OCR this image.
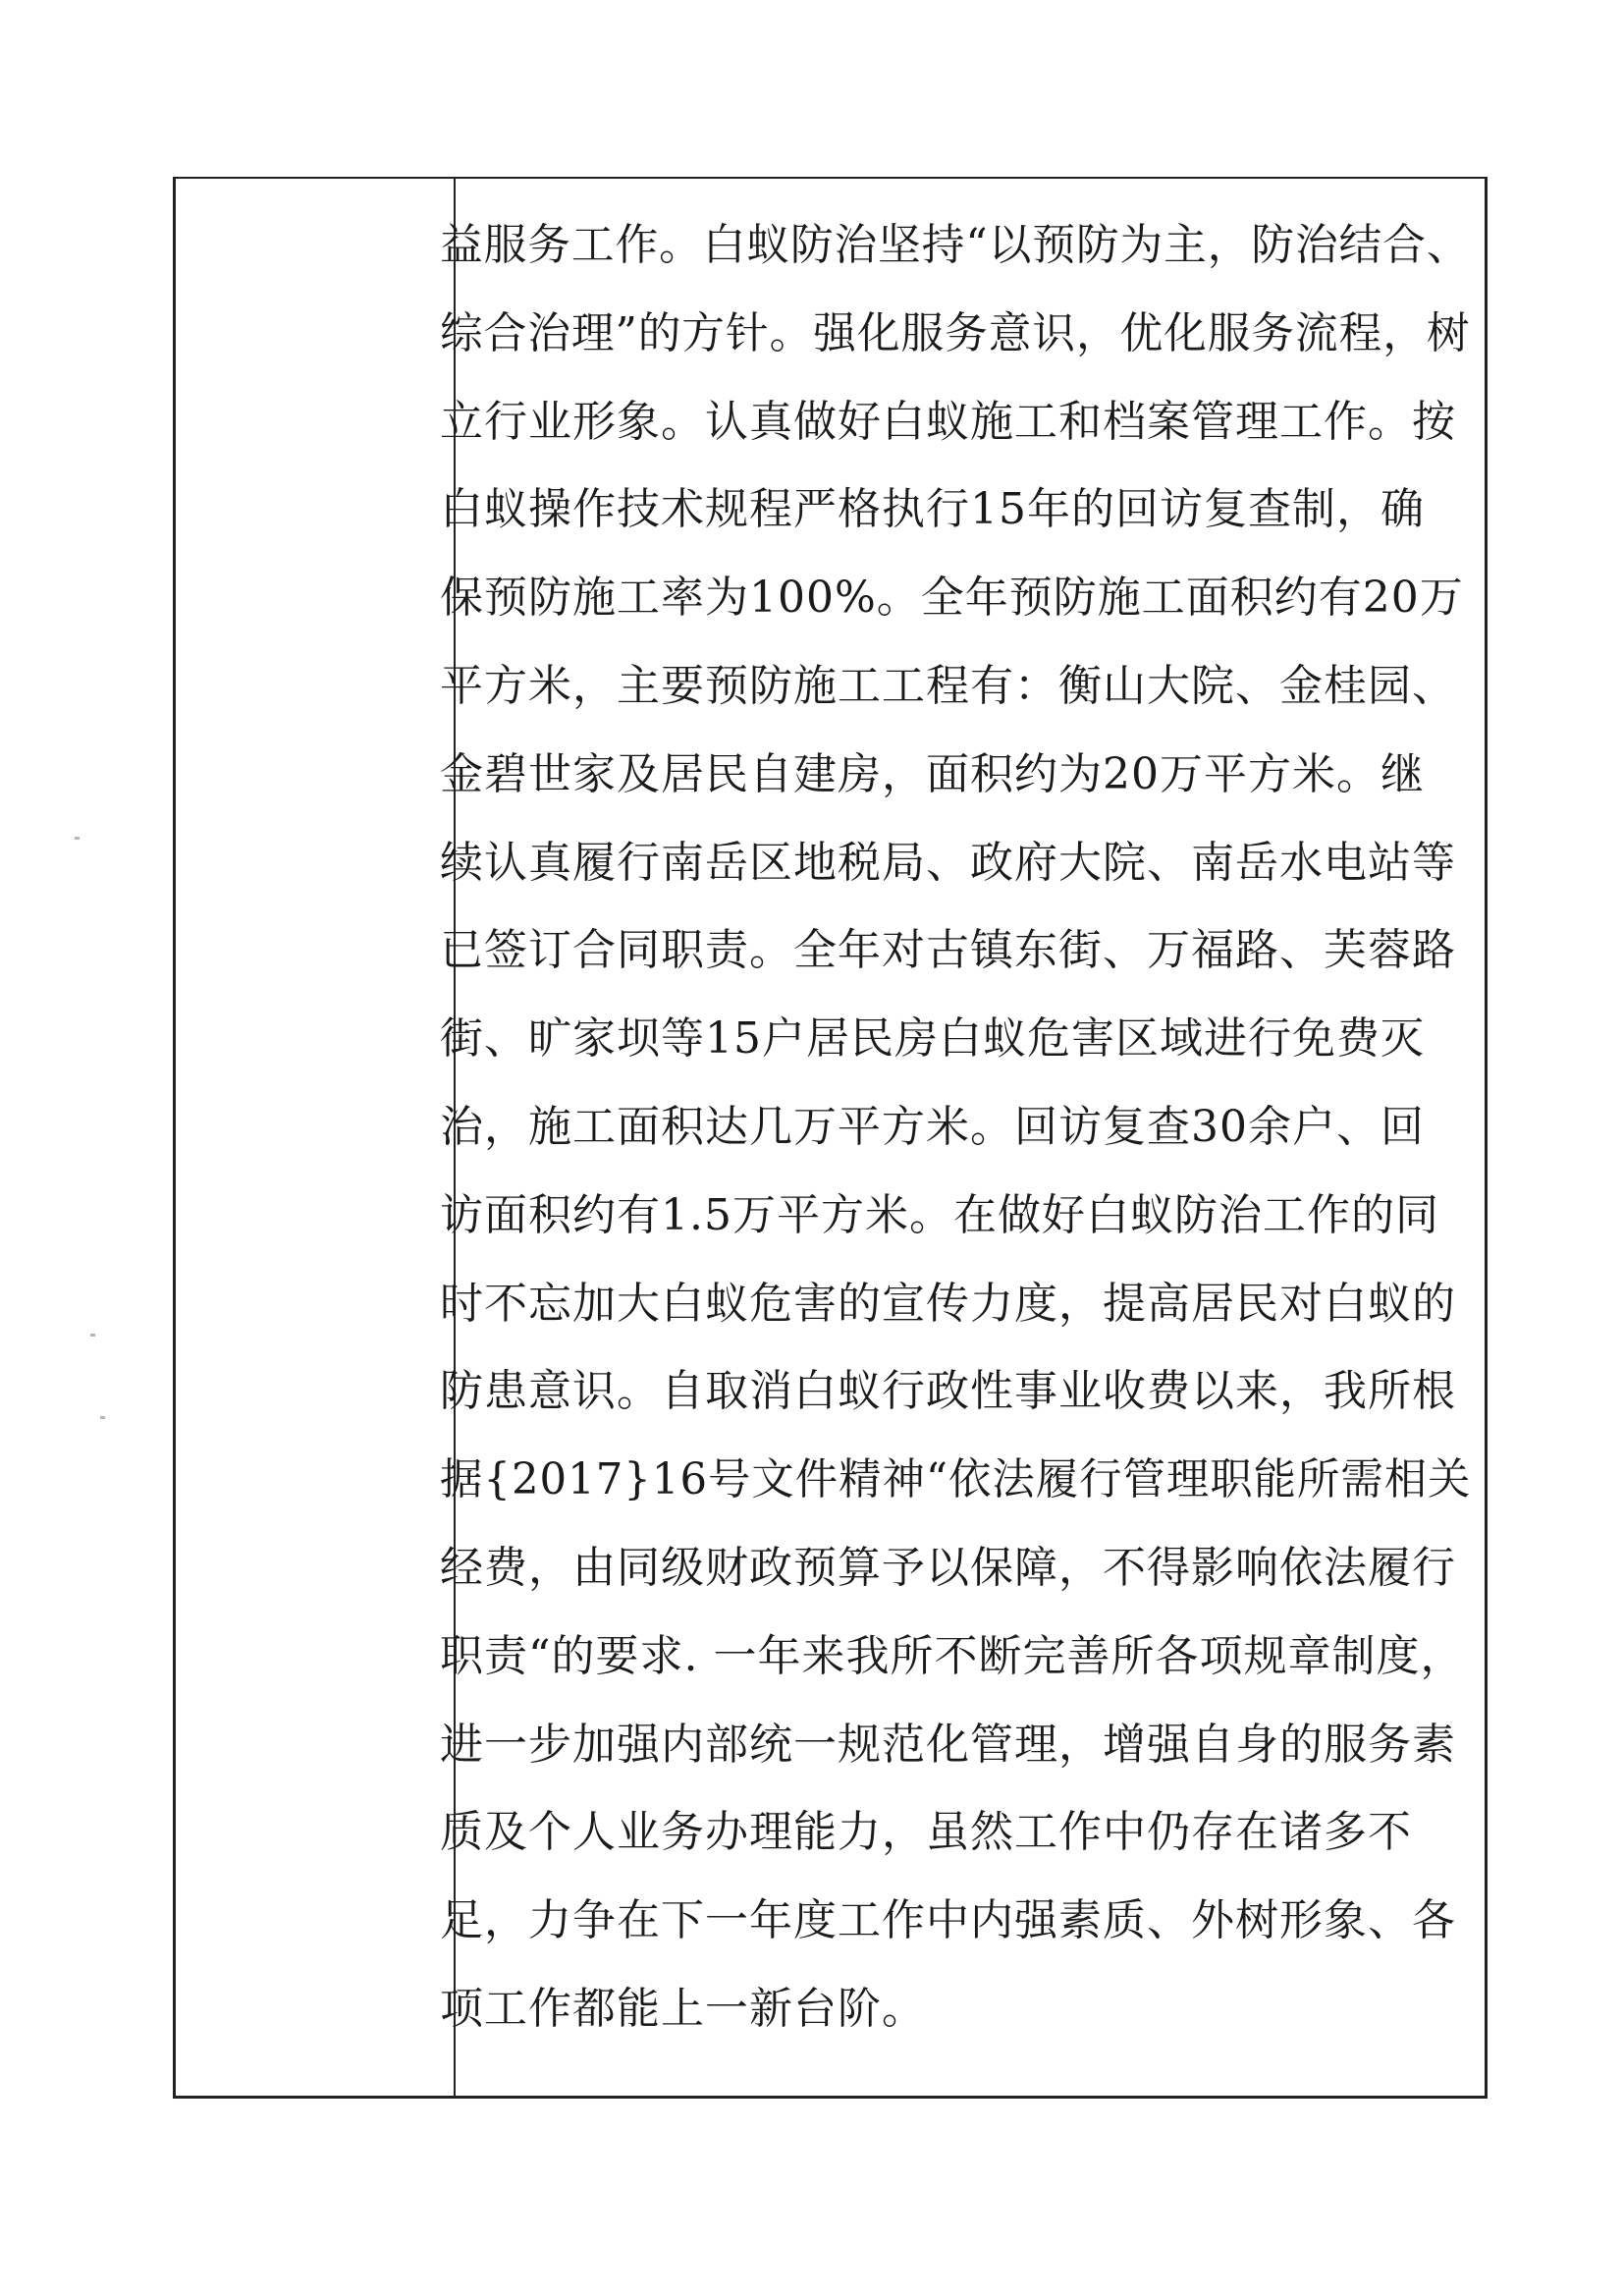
益服务工作。白蚁防治坚持“以预防为主，防治结合、
综合治理”的方针。强化服务意识，优化服务流程，树
立行业形象。认真做好白蚁施工和档案管理工作。按
白蚁操作技术规程严格执行15年的回访复查制，确
保预防施工率为100%。全年预防施工面积约有20万
平方米，主要预防施工工程有：衡山大院、金桂园、
金碧世家及居民自建房，面积约为20万平方米。继
续认真履行南岳区地税局、政府大院、南岳水电站等
已签订合同职责。全年对古镇东街、万福路、芙蓉路
街、旷家坝等15户居民房白蚁危害区域进行免费灭
治，施工面积达几万平方米。回访复查30余户、回
访面积约有1.5万平方米。在做好白蚁防治工作的同
时不忘加大白蚁危害的宣传力度，提高居民对白蚁的
防患意识。自取消白蚁行政性事业收费以来，我所根
据{2017}16号文件精神“依法履行管理职能所需相关
经费，由同级财政预算予以保障，不得影响依法履行
职责“的要求. 一年来我所不断完善所各项规章制度，
进一步加强内部统一规范化管理，增强自身的服务素
质及个人业务办理能力，虽然工作中仍存在诸多不
足，力争在下一年度工作中内强素质、外树形象、各
项工作都能上一新台阶。
